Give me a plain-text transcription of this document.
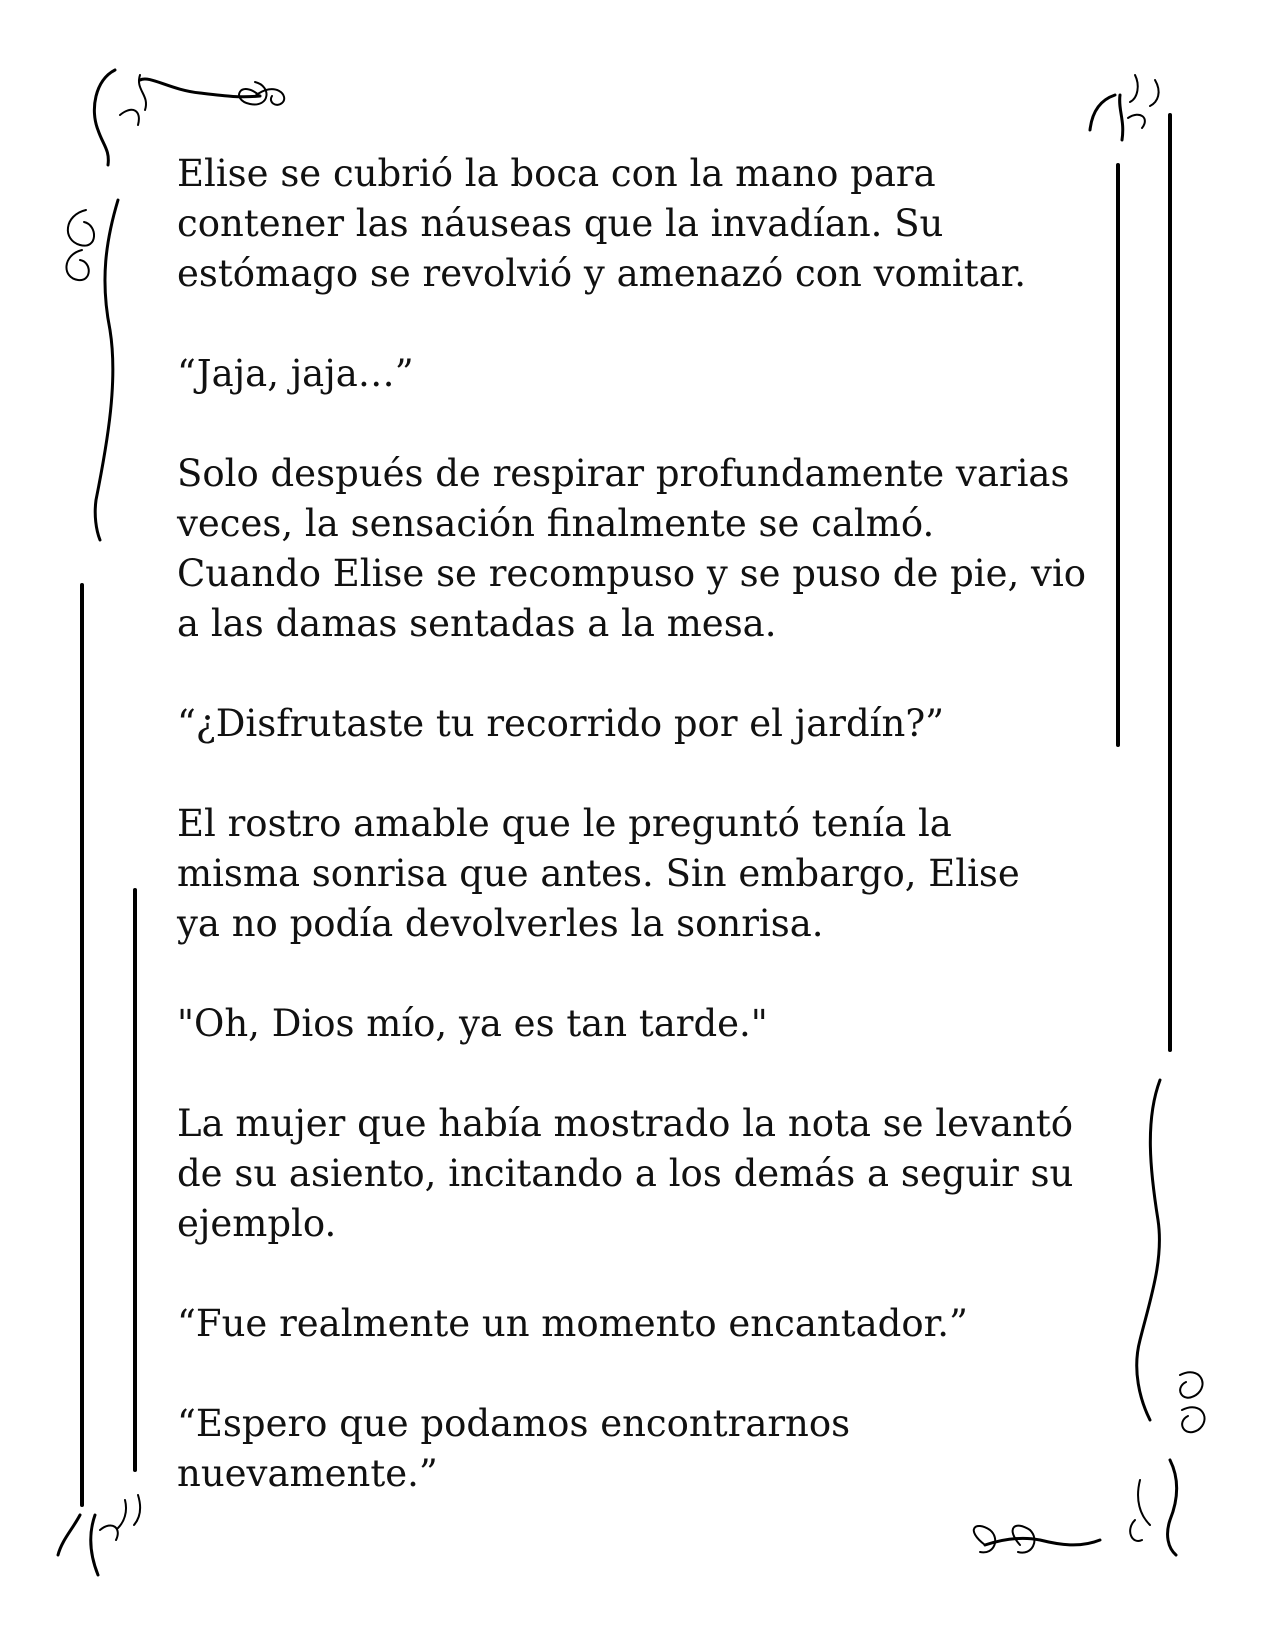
Elise se cubrió la boca con la mano para
contener las náuseas que la invadían. Su
estómago se revolvió y amenazó con vomitar.

“Jaja, jaja…”

Solo después de respirar profundamente varias
veces, la sensación finalmente se calmó.
Cuando Elise se recompuso y se puso de pie, vio
a las damas sentadas a la mesa.

“¿Disfrutaste tu recorrido por el jardín?”

El rostro amable que le preguntó tenía la
misma sonrisa que antes. Sin embargo, Elise
ya no podía devolverles la sonrisa.

"Oh, Dios mío, ya es tan tarde."

La mujer que había mostrado la nota se levantó
de su asiento, incitando a los demás a seguir su
ejemplo.

“Fue realmente un momento encantador.”

“Espero que podamos encontrarnos
nuevamente.”
